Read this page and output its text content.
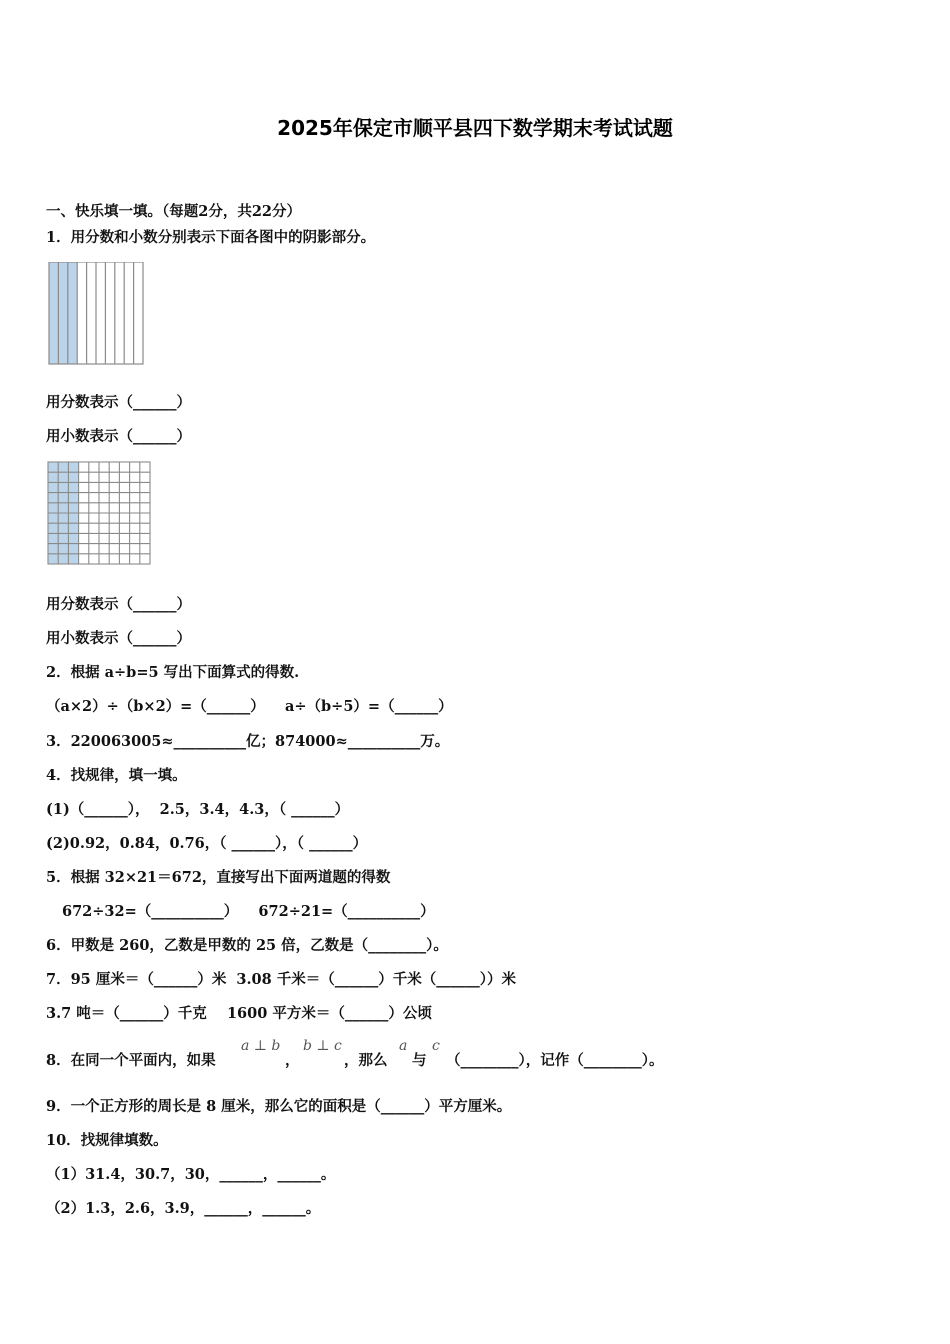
2025年保定市顺平县四下数学期末考试试题
一、快乐填一填。（每题2分，共22分）
1．用分数和小数分别表示下面各图中的阴影部分。
用分数表示（______）
用小数表示（______）
用分数表示（______）
用小数表示（______）
2．根据 a÷b=5 写出下面算式的得数.
（a×2）÷（b×2）=（______）    a÷（b÷5）=（______）
3．220063005≈__________亿；874000≈__________万。
4．找规律，填一填。
(1)（______），  2.5，3.4，4.3，（ ______）
(2)0.92，0.84，0.76，（ ______），（ ______）
5．根据 32×21＝672，直接写出下面两道题的得数
672÷32=（__________）    672÷21=（__________）
6．甲数是 260，乙数是甲数的 25 倍，乙数是（________）。
7．95 厘米＝（______）米  3.08 千米＝（______）千米（______））米
3.7 吨＝（______）千克    1600 平方米＝（______）公顷
8．在同一个平面内，如果
a ⊥ b
，
b ⊥ c
，那么
a
与
c
（________），记作（________）。
9．一个正方形的周长是 8 厘米，那么它的面积是（______）平方厘米。
10．找规律填数。
（1）31.4，30.7，30，______，______。
（2）1.3，2.6，3.9，______，______。
